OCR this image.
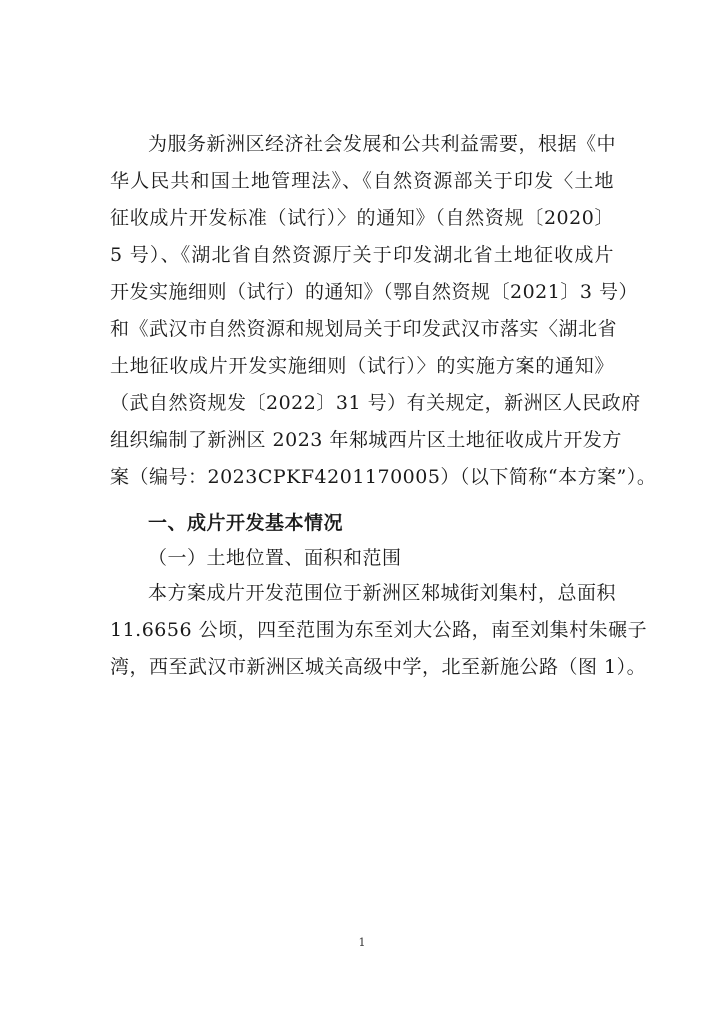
为服务新洲区经济社会发展和公共利益需要，根据《中
华人民共和国土地管理法》、《自然资源部关于印发〈土地
征收成片开发标准（试行）〉的通知》（自然资规〔2020〕
5 号）、《湖北省自然资源厅关于印发湖北省土地征收成片
开发实施细则（试行）的通知》（鄂自然资规〔2021〕3 号）
和《武汉市自然资源和规划局关于印发武汉市落实〈湖北省
土地征收成片开发实施细则（试行）〉的实施方案的通知》
（武自然资规发〔2022〕31 号）有关规定，新洲区人民政府
组织编制了新洲区 2023 年邾城西片区土地征收成片开发方
案（编号：2023CPKF4201170005）（以下简称“本方案”）。
一、成片开发基本情况
（一）土地位置、面积和范围
本方案成片开发范围位于新洲区邾城街刘集村，总面积
11.6656 公顷，四至范围为东至刘大公路，南至刘集村朱碾子
湾，西至武汉市新洲区城关高级中学，北至新施公路（图 1）。
1
